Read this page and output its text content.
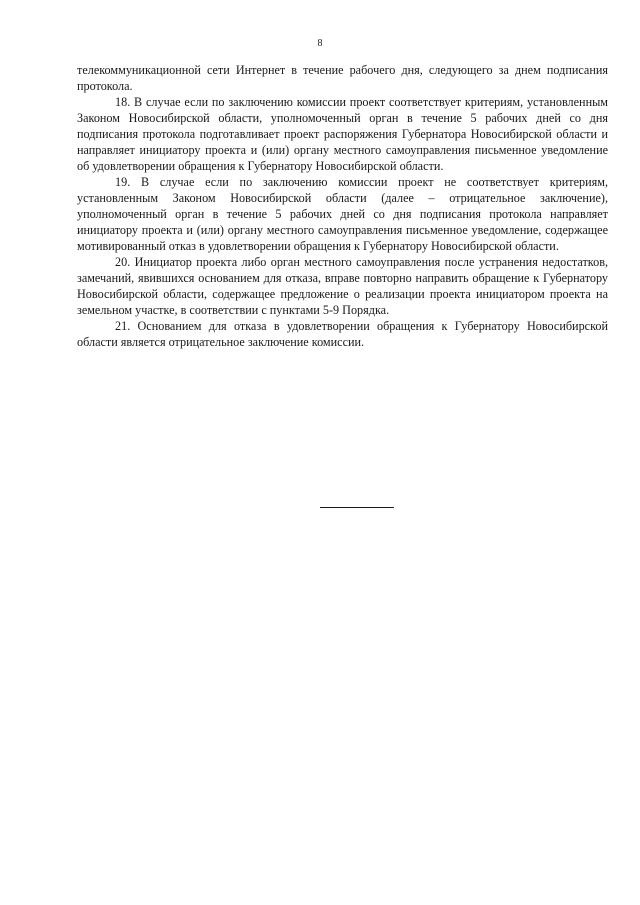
8

телекоммуникационной сети Интернет в течение рабочего дня, следующего за днем подписания протокола.

18. В случае если по заключению комиссии проект соответствует критериям, установленным Законом Новосибирской области, уполномоченный орган в течение 5 рабочих дней со дня подписания протокола подготавливает проект распоряжения Губернатора Новосибирской области и направляет инициатору проекта и (или) органу местного самоуправления письменное уведомление об удовлетворении обращения к Губернатору Новосибирской области.

19. В случае если по заключению комиссии проект не соответствует критериям, установленным Законом Новосибирской области (далее – отрицательное заключение), уполномоченный орган в течение 5 рабочих дней со дня подписания протокола направляет инициатору проекта и (или) органу местного самоуправления письменное уведомление, содержащее мотивированный отказ в удовлетворении обращения к Губернатору Новосибирской области.

20. Инициатор проекта либо орган местного самоуправления после устранения недостатков, замечаний, явившихся основанием для отказа, вправе повторно направить обращение к Губернатору Новосибирской области, содержащее предложение о реализации проекта инициатором проекта на земельном участке, в соответствии с пунктами 5-9 Порядка.

21. Основанием для отказа в удовлетворении обращения к Губернатору Новосибирской области является отрицательное заключение комиссии.
